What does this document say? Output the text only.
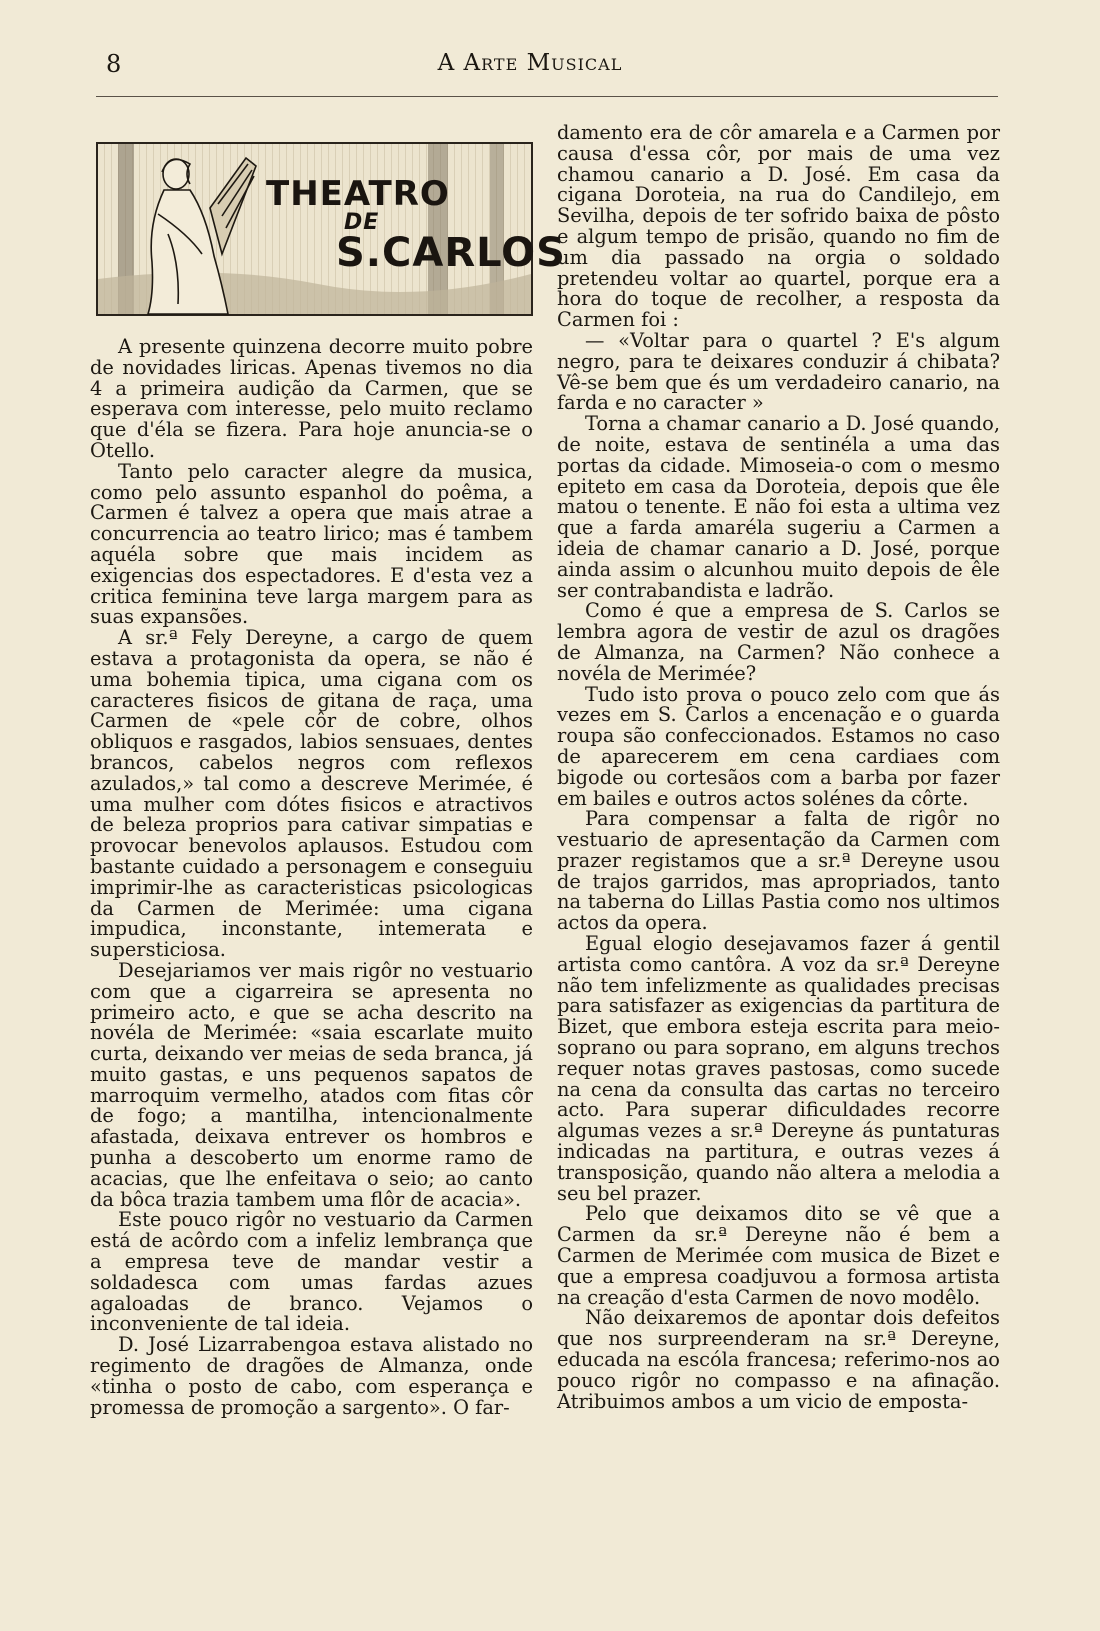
8	A Arte Musical
THEATRO
DE
S.CARLOS

A presente quinzena decorre muito pobre de novidades liricas. Apenas tivemos no dia 4 a primeira audição da Carmen, que se esperava com interesse, pelo muito reclamo que d'éla se fizera. Para hoje anuncia-se o Otello.

Tanto pelo caracter alegre da musica, como pelo assunto espanhol do poêma, a Carmen é talvez a opera que mais atrae a concurrencia ao teatro lirico; mas é tambem aquéla sobre que mais incidem as exigencias dos espectadores. E d'esta vez a critica feminina teve larga margem para as suas expansões.

A sr.ª Fely Dereyne, a cargo de quem estava a protagonista da opera, se não é uma bohemia tipica, uma cigana com os caracteres fisicos de gitana de raça, uma Carmen de «pele côr de cobre, olhos obliquos e rasgados, labios sensuaes, dentes brancos, cabelos negros com reflexos azulados,» tal como a descreve Merimée, é uma mulher com dótes fisicos e atractivos de beleza proprios para cativar simpatias e provocar benevolos aplausos. Estudou com bastante cuidado a personagem e conseguiu imprimir-lhe as caracteristicas psicologicas da Carmen de Merimée: uma cigana impudica, inconstante, intemerata e supersticiosa.

Desejariamos ver mais rigôr no vestuario com que a cigarreira se apresenta no primeiro acto, e que se acha descrito na novéla de Merimée: «saia escarlate muito curta, deixando ver meias de seda branca, já muito gastas, e uns pequenos sapatos de marroquim vermelho, atados com fitas côr de fogo; a mantilha, intencionalmente afastada, deixava entrever os hombros e punha a descoberto um enorme ramo de acacias, que lhe enfeitava o seio; ao canto da bôca trazia tambem uma flôr de acacia».

Este pouco rigôr no vestuario da Carmen está de acôrdo com a infeliz lembrança que a empresa teve de mandar vestir a soldadesca com umas fardas azues agaloadas de branco. Vejamos o inconveniente de tal ideia.

D. José Lizarrabengoa estava alistado no regimento de dragões de Almanza, onde «tinha o posto de cabo, com esperança e promessa de promoção a sargento». O far-

damento era de côr amarela e a Carmen por causa d'essa côr, por mais de uma vez chamou canario a D. José. Em casa da cigana Doroteia, na rua do Candilejo, em Sevilha, depois de ter sofrido baixa de pôsto e algum tempo de prisão, quando no fim de um dia passado na orgia o soldado pretendeu voltar ao quartel, porque era a hora do toque de recolher, a resposta da Carmen foi :

— «Voltar para o quartel ? E's algum negro, para te deixares conduzir á chibata? Vê-se bem que és um verdadeiro canario, na farda e no caracter »

Torna a chamar canario a D. José quando, de noite, estava de sentinéla a uma das portas da cidade. Mimoseia-o com o mesmo epiteto em casa da Doroteia, depois que êle matou o tenente. E não foi esta a ultima vez que a farda amaréla sugeriu a Carmen a ideia de chamar canario a D. José, porque ainda assim o alcunhou muito depois de êle ser contrabandista e ladrão.

Como é que a empresa de S. Carlos se lembra agora de vestir de azul os dragões de Almanza, na Carmen? Não conhece a novéla de Merimée?

Tudo isto prova o pouco zelo com que ás vezes em S. Carlos a encenação e o guarda roupa são confeccionados. Estamos no caso de aparecerem em cena cardiaes com bigode ou cortesãos com a barba por fazer em bailes e outros actos solénes da côrte.

Para compensar a falta de rigôr no vestuario de apresentação da Carmen com prazer registamos que a sr.ª Dereyne usou de trajos garridos, mas apropriados, tanto na taberna do Lillas Pastia como nos ultimos actos da opera.

Egual elogio desejavamos fazer á gentil artista como cantôra. A voz da sr.ª Dereyne não tem infelizmente as qualidades precisas para satisfazer as exigencias da partitura de Bizet, que embora esteja escrita para meio-soprano ou para soprano, em alguns trechos requer notas graves pastosas, como sucede na cena da consulta das cartas no terceiro acto. Para superar dificuldades recorre algumas vezes a sr.ª Dereyne ás puntaturas indicadas na partitura, e outras vezes á transposição, quando não altera a melodia a seu bel prazer.

Pelo que deixamos dito se vê que a Carmen da sr.ª Dereyne não é bem a Carmen de Merimée com musica de Bizet e que a empresa coadjuvou a formosa artista na creação d'esta Carmen de novo modêlo.

Não deixaremos de apontar dois defeitos que nos surpreenderam na sr.ª Dereyne, educada na escóla francesa; referimo-nos ao pouco rigôr no compasso e na afinação. Atribuimos ambos a um vicio de emposta-
